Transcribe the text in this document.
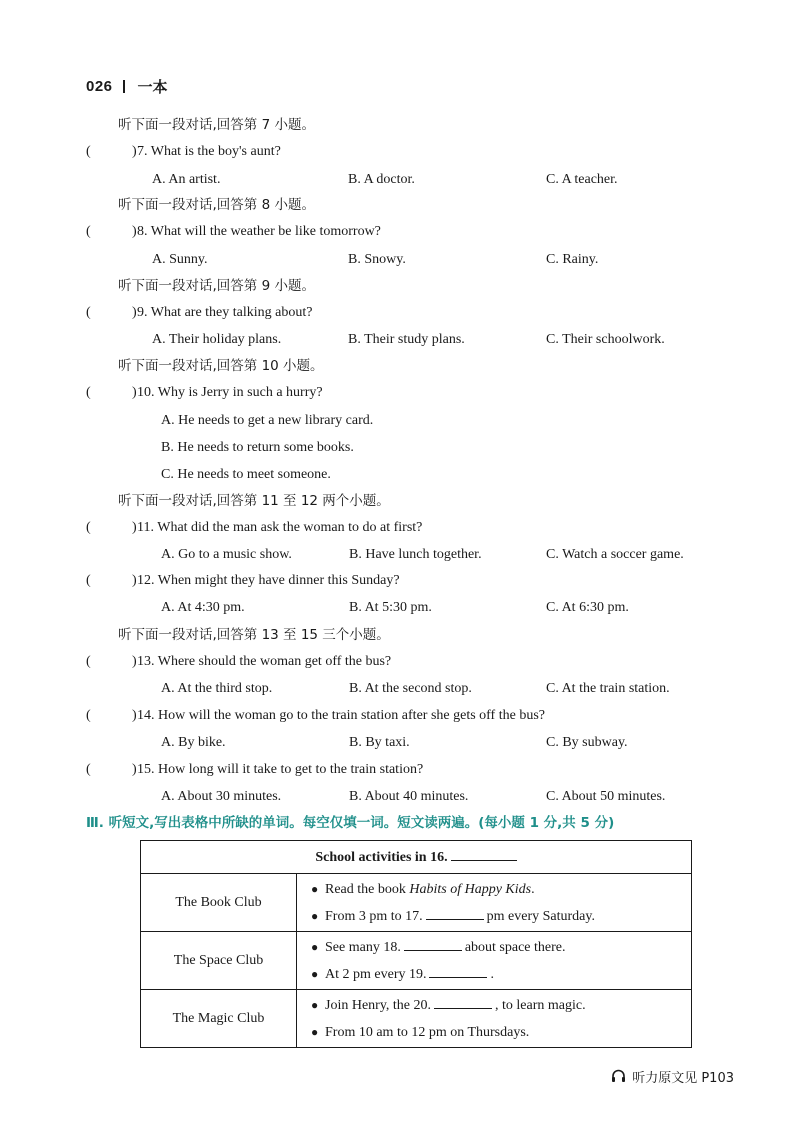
026 一本
听下面一段对话,回答第 7 小题。
(	) 7. What is the boy's aunt?
A. An artist.	B. A doctor.	C. A teacher.
听下面一段对话,回答第 8 小题。
(	) 8. What will the weather be like tomorrow?
A. Sunny.	B. Snowy.	C. Rainy.
听下面一段对话,回答第 9 小题。
(	) 9. What are they talking about?
A. Their holiday plans.	B. Their study plans.	C. Their schoolwork.
听下面一段对话,回答第 10 小题。
(	) 10. Why is Jerry in such a hurry?
A. He needs to get a new library card.
B. He needs to return some books.
C. He needs to meet someone.
听下面一段对话,回答第 11 至 12 两个小题。
(	) 11. What did the man ask the woman to do at first?
A. Go to a music show.	B. Have lunch together.	C. Watch a soccer game.
(	) 12. When might they have dinner this Sunday?
A. At 4:30 pm.	B. At 5:30 pm.	C. At 6:30 pm.
听下面一段对话,回答第 13 至 15 三个小题。
(	) 13. Where should the woman get off the bus?
A. At the third stop.	B. At the second stop.	C. At the train station.
(	) 14. How will the woman go to the train station after she gets off the bus?
A. By bike.	B. By taxi.	C. By subway.
(	) 15. How long will it take to get to the train station?
A. About 30 minutes.	B. About 40 minutes.	C. About 50 minutes.
Ⅲ. 听短文,写出表格中所缺的单词。每空仅填一词。短文读两遍。(每小题 1 分,共 5 分)
School activities in 16.	
The Book Club	● Read the book Habits of Happy Kids.
● From 3 pm to 17. pm every Saturday.

The Space Club	● See many 18. about space there.
● At 2 pm every 19. .

The Magic Club	● Join Henry, the 20. , to learn magic.
● From 10 am to 12 pm on Thursdays.
听力原文见 P103
